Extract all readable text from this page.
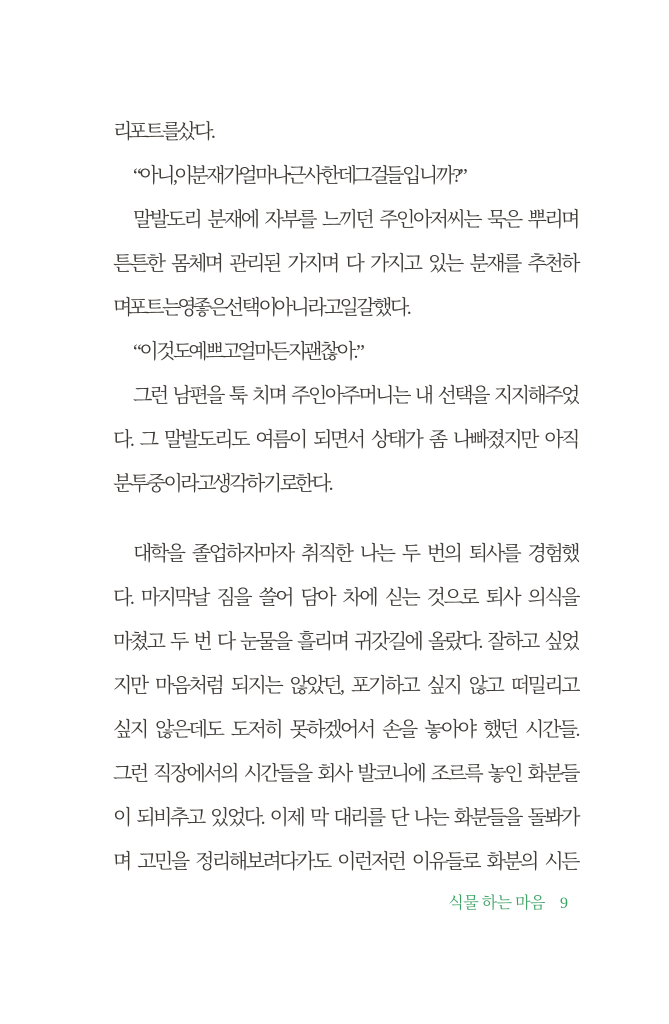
리 포트를 샀다.
“아니, 이 분재가 얼마나 근사한데 그걸 들입니까?”
말발도리 분재에 자부를 느끼던 주인아저씨는 묵은 뿌리며
튼튼한 몸체며 관리된 가지며 다 가지고 있는 분재를 추천하
며 포트는 영 좋은 선택이 아니라고 일갈했다.
“이것도 예쁘고 얼마든지 괜찮아.”
그런 남편을 툭 치며 주인아주머니는 내 선택을 지지해주었
다. 그 말발도리도 여름이 되면서 상태가 좀 나빠졌지만 아직
분투중이라고 생각하기로 한다.
대학을 졸업하자마자 취직한 나는 두 번의 퇴사를 경험했
다. 마지막날 짐을 쓸어 담아 차에 싣는 것으로 퇴사 의식을
마쳤고 두 번 다 눈물을 흘리며 귀갓길에 올랐다. 잘하고 싶었
지만 마음처럼 되지는 않았던, 포기하고 싶지 않고 떠밀리고
싶지 않은데도 도저히 못하겠어서 손을 놓아야 했던 시간들.
그런 직장에서의 시간들을 회사 발코니에 조르륵 놓인 화분들
이 되비추고 있었다. 이제 막 대리를 단 나는 화분들을 돌봐가
며 고민을 정리해보려다가도 이런저런 이유들로 화분의 시든
식물 하는 마음 9
